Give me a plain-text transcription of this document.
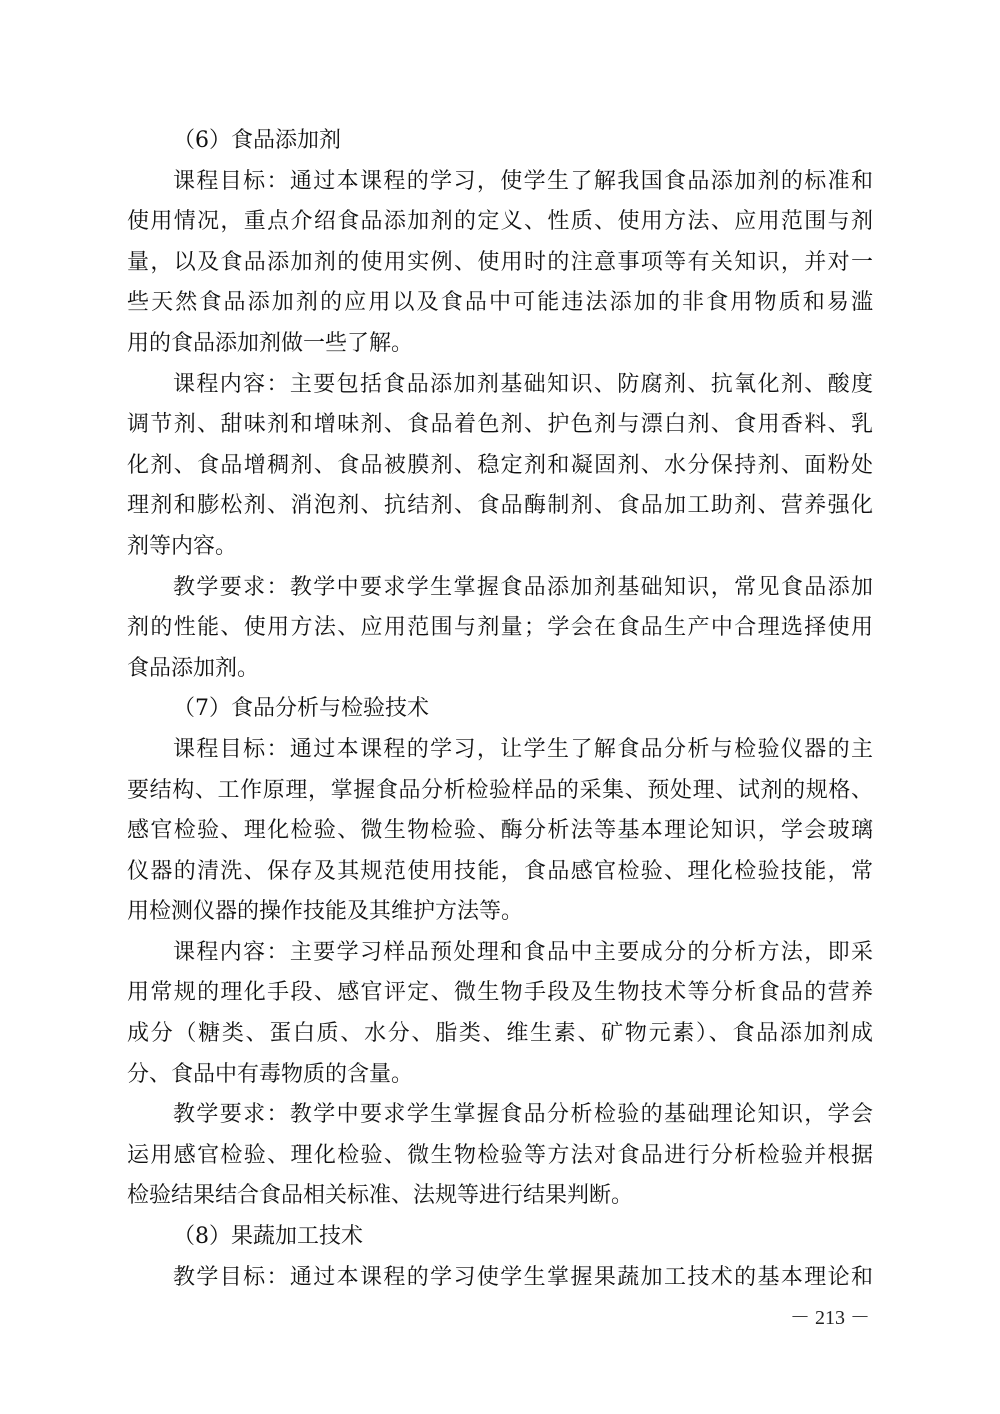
（6）食品添加剂
课程目标：通过本课程的学习，使学生了解我国食品添加剂的标准和
使用情况，重点介绍食品添加剂的定义、性质、使用方法、应用范围与剂
量，以及食品添加剂的使用实例、使用时的注意事项等有关知识，并对一
些天然食品添加剂的应用以及食品中可能违法添加的非食用物质和易滥
用的食品添加剂做一些了解。
课程内容：主要包括食品添加剂基础知识、防腐剂、抗氧化剂、酸度
调节剂、甜味剂和增味剂、食品着色剂、护色剂与漂白剂、食用香料、乳
化剂、食品增稠剂、食品被膜剂、稳定剂和凝固剂、水分保持剂、面粉处
理剂和膨松剂、消泡剂、抗结剂、食品酶制剂、食品加工助剂、营养强化
剂等内容。
教学要求：教学中要求学生掌握食品添加剂基础知识，常见食品添加
剂的性能、使用方法、应用范围与剂量；学会在食品生产中合理选择使用
食品添加剂。
（7）食品分析与检验技术
课程目标：通过本课程的学习，让学生了解食品分析与检验仪器的主
要结构、工作原理，掌握食品分析检验样品的采集、预处理、试剂的规格、
感官检验、理化检验、微生物检验、酶分析法等基本理论知识，学会玻璃
仪器的清洗、保存及其规范使用技能，食品感官检验、理化检验技能，常
用检测仪器的操作技能及其维护方法等。
课程内容：主要学习样品预处理和食品中主要成分的分析方法，即采
用常规的理化手段、感官评定、微生物手段及生物技术等分析食品的营养
成分（糖类、蛋白质、水分、脂类、维生素、矿物元素）、食品添加剂成
分、食品中有毒物质的含量。
教学要求：教学中要求学生掌握食品分析检验的基础理论知识，学会
运用感官检验、理化检验、微生物检验等方法对食品进行分析检验并根据
检验结果结合食品相关标准、法规等进行结果判断。
（8）果蔬加工技术
教学目标：通过本课程的学习使学生掌握果蔬加工技术的基本理论和
－ 213 －
